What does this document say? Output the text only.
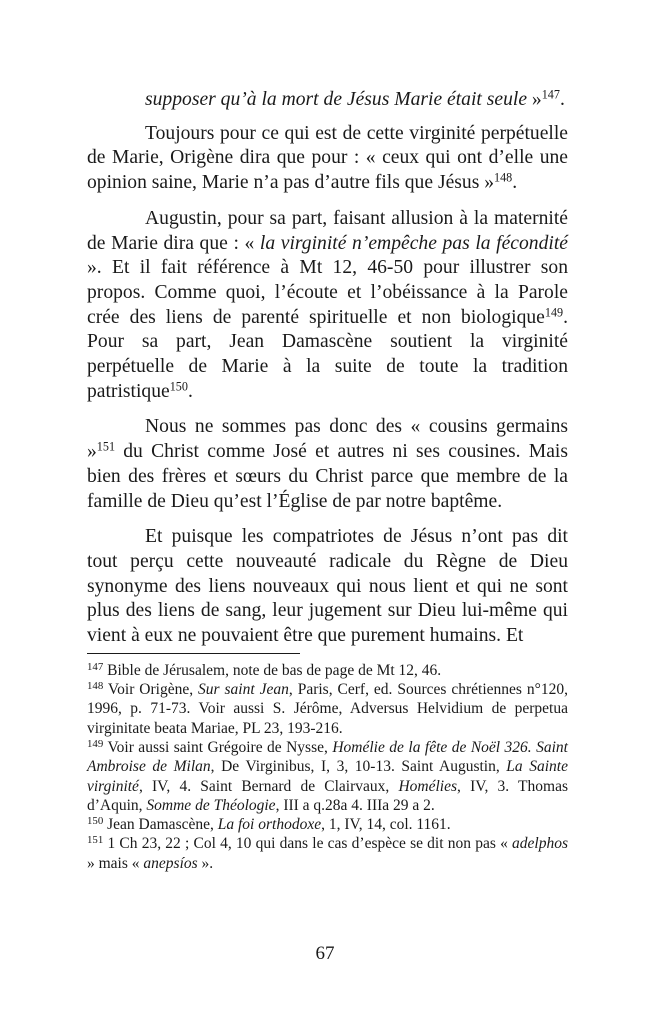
supposer qu’à la mort de Jésus Marie était seule »$^{147}$.

Toujours pour ce qui est de cette virginité perpétuelle de Marie, Origène dira que pour : « ceux qui ont d’elle une opinion saine, Marie n’a pas d’autre fils que Jésus »$^{148}$.

Augustin, pour sa part, faisant allusion à la maternité de Marie dira que : « la virginité n’empêche pas la fécondité ». Et il fait référence à Mt 12, 46-50 pour illustrer son propos. Comme quoi, l’écoute et l’obéissance à la Parole crée des liens de parenté spirituelle et non biologique$^{149}$. Pour sa part, Jean Damascène soutient la virginité perpétuelle de Marie à la suite de toute la tradition patristique$^{150}$.

Nous ne sommes pas donc des « cousins germains »$^{151}$ du Christ comme José et autres ni ses cousines. Mais bien des frères et sœurs du Christ parce que membre de la famille de Dieu qu’est l’Église de par notre baptême.

Et puisque les compatriotes de Jésus n’ont pas dit tout perçu cette nouveauté radicale du Règne de Dieu synonyme des liens nouveaux qui nous lient et qui ne sont plus des liens de sang, leur jugement sur Dieu lui-même qui vient à eux ne pouvaient être que purement humains. Et

$^{147}$ Bible de Jérusalem, note de bas de page de Mt 12, 46.

$^{148}$ Voir Origène, Sur saint Jean, Paris, Cerf, ed. Sources chrétiennes n°120, 1996, p. 71-73. Voir aussi S. Jérôme, Adversus Helvidium de perpetua virginitate beata Mariae, PL 23, 193-216.

$^{149}$ Voir aussi saint Grégoire de Nysse, Homélie de la fête de Noël 326. Saint Ambroise de Milan, De Virginibus, I, 3, 10-13. Saint Augustin, La Sainte virginité, IV, 4. Saint Bernard de Clairvaux, Homélies, IV, 3. Thomas d’Aquin, Somme de Théologie, III a q.28a 4. IIIa 29 a 2.

$^{150}$ Jean Damascène, La foi orthodoxe, 1, IV, 14, col. 1161.

$^{151}$ 1 Ch 23, 22 ; Col 4, 10 qui dans le cas d’espèce se dit non pas « adelphos » mais « anepsíos ».

67
